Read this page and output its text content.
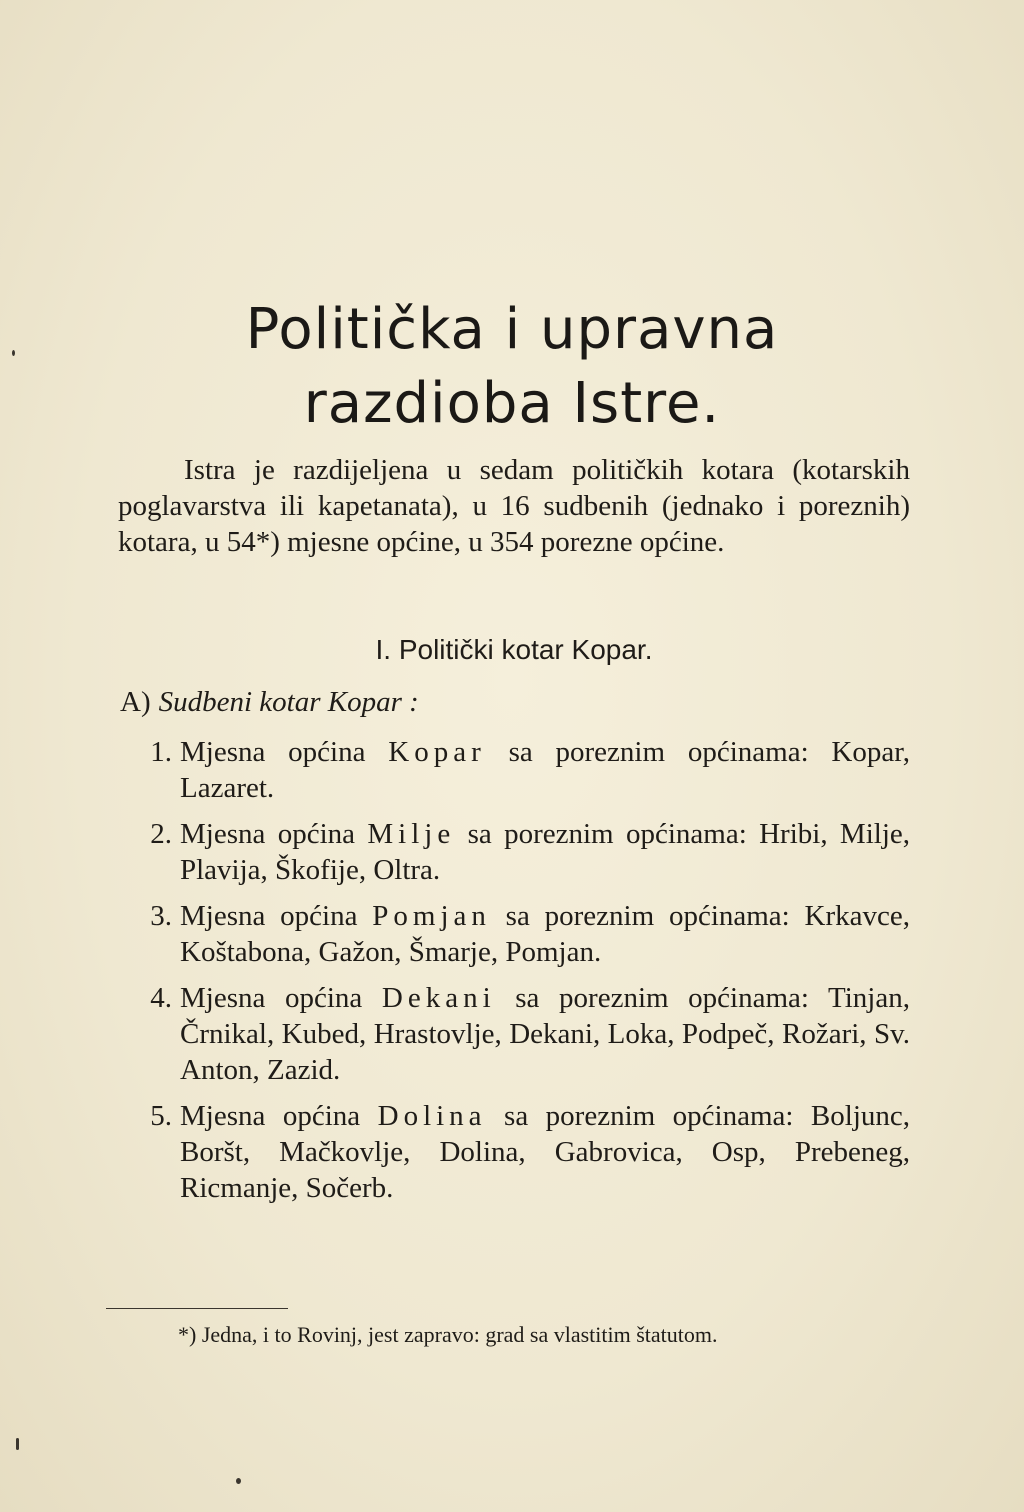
Politička i upravna
razdioba Istre.
Istra je razdijeljena u sedam političkih kotara (kotarskih poglavarstva ili kapetanata), u 16 sudbenih (jednako i poreznih) kotara, u 54*) mjesne općine, u 354 porezne općine.
I. Politički kotar Kopar.
A) Sudbeni kotar Kopar :
1. Mjesna općina Kopar sa poreznim općinama: Kopar, Lazaret.
2. Mjesna općina Milje sa poreznim općinama: Hribi, Milje, Plavija, Škofije, Oltra.
3. Mjesna općina Pomjan sa poreznim općinama: Krkavce, Koštabona, Gažon, Šmarje, Pomjan.
4. Mjesna općina Dekani sa poreznim općinama: Tinjan, Črnikal, Kubed, Hrastovlje, Dekani, Loka, Podpeč, Rožari, Sv. Anton, Zazid.
5. Mjesna općina Dolina sa poreznim općinama: Boljunc, Boršt, Mačkovlje, Dolina, Gabrovica, Osp, Prebeneg, Ricmanje, Sočerb.
*) Jedna, i to Rovinj, jest zapravo: grad sa vlastitim štatutom.
